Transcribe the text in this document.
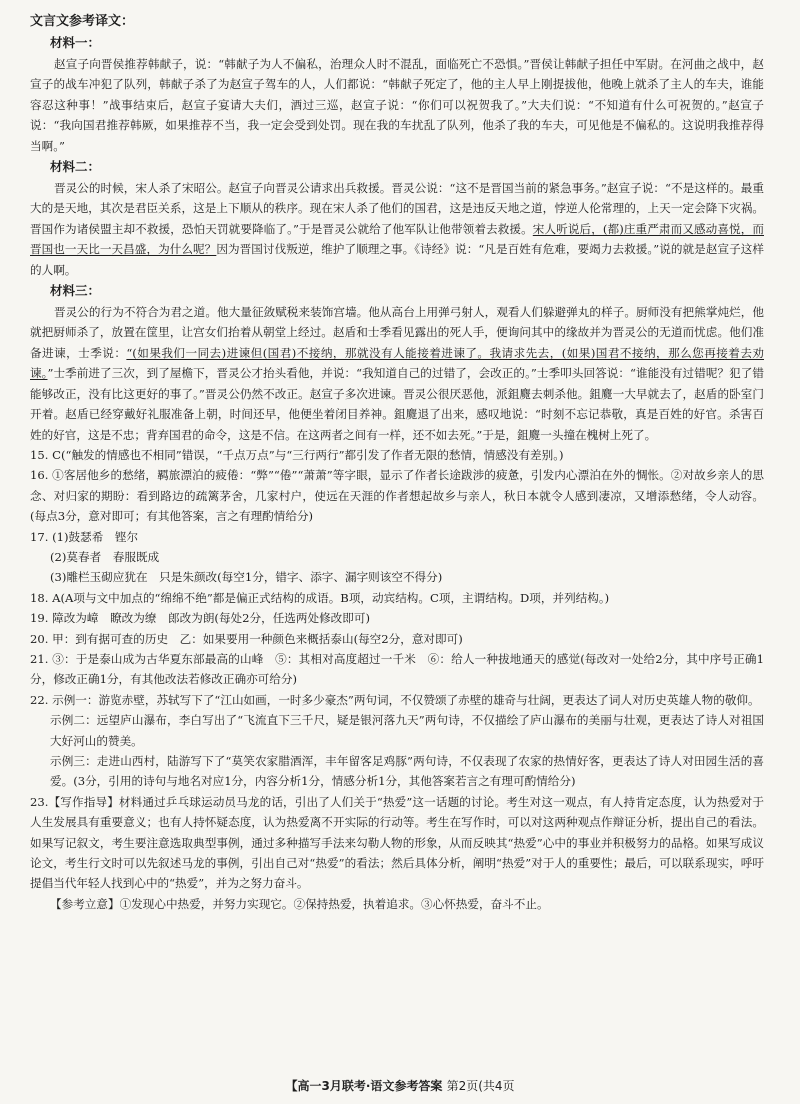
文言文参考译文：
材料一：

赵宣子向晋侯推荐韩献子，说：“韩献子为人不偏私，治理众人时不混乱，面临死亡不恐惧。”晋侯让韩献子担任中军尉。在河曲之战中，赵宣子的战车冲犯了队列，韩献子杀了为赵宣子驾车的人，人们都说：“韩献子死定了，他的主人早上刚提拔他，他晚上就杀了主人的车夫，谁能容忍这种事！”战事结束后，赵宣子宴请大夫们，酒过三巡，赵宣子说：“你们可以祝贺我了。”大夫们说：“不知道有什么可祝贺的。”赵宣子说：“我向国君推荐韩厥，如果推荐不当，我一定会受到处罚。现在我的车扰乱了队列，他杀了我的车夫，可见他是不偏私的。这说明我推荐得当啊。”

材料二：

晋灵公的时候，宋人杀了宋昭公。赵宣子向晋灵公请求出兵救援。晋灵公说：“这不是晋国当前的紧急事务。”赵宣子说：“不是这样的。最重大的是天地，其次是君臣关系，这是上下顺从的秩序。现在宋人杀了他们的国君，这是违反天地之道，悖逆人伦常理的，上天一定会降下灾祸。晋国作为诸侯盟主却不救援，恐怕天罚就要降临了。”于是晋灵公就给了他军队让他带领着去救援。宋人听说后，(都)庄重严肃而又感动喜悦，而晋国也一天比一天昌盛，为什么呢？因为晋国讨伐叛逆，维护了顺理之事。《诗经》说：“凡是百姓有危难，要竭力去救援。”说的就是赵宣子这样的人啊。

材料三：

晋灵公的行为不符合为君之道。他大量征敛赋税来装饰宫墙。他从高台上用弹弓射人，观看人们躲避弹丸的样子。厨师没有把熊掌炖烂，他就把厨师杀了，放置在筐里，让宫女们抬着从朝堂上经过。赵盾和士季看见露出的死人手，便询问其中的缘故并为晋灵公的无道而忧虑。他们准备进谏，士季说：“(如果我们一同去)进谏但(国君)不接纳，那就没有人能接着进谏了。我请求先去，(如果)国君不接纳，那么您再接着去劝谏。”士季前进了三次，到了屋檐下，晋灵公才抬头看他，并说：“我知道自己的过错了，会改正的。”士季叩头回答说：“谁能没有过错呢？犯了错能够改正，没有比这更好的事了。”晋灵公仍然不改正。赵宣子多次进谏。晋灵公很厌恶他，派鉏麑去刺杀他。鉏麑一大早就去了，赵盾的卧室门开着。赵盾已经穿戴好礼服准备上朝，时间还早，他便坐着闭目养神。鉏麑退了出来，感叹地说：“时刻不忘记恭敬，真是百姓的好官。杀害百姓的好官，这是不忠；背弃国君的命令，这是不信。在这两者之间有一样，还不如去死。”于是，鉏麑一头撞在槐树上死了。

15. C(“触发的情感也不相同”错误，“千点万点”与“三行两行”都引发了作者无限的愁情，情感没有差别。)

16. ①客居他乡的愁绪，羁旅漂泊的疲倦：“弊”“倦”“萧萧”等字眼，显示了作者长途跋涉的疲惫，引发内心漂泊在外的惆怅。②对故乡亲人的思念、对归家的期盼：看到路边的疏篱茅舍，几家村户，使远在天涯的作者想起故乡与亲人，秋日本就令人感到凄凉，又增添愁绪，令人动容。(每点3分，意对即可；有其他答案，言之有理酌情给分)

17. (1)鼓瑟希　铿尔

(2)莫春者　春服既成

(3)雕栏玉砌应犹在　只是朱颜改(每空1分，错字、添字、漏字则该空不得分)

18. A(A项与文中加点的“绵绵不绝”都是偏正式结构的成语。B项，动宾结构。C项，主谓结构。D项，并列结构。)

19. 障改为嶂　瞭改为缭　郎改为朗(每处2分，任选两处修改即可)

20. 甲：到有据可查的历史　乙：如果要用一种颜色来概括泰山(每空2分，意对即可)

21. ③：于是泰山成为古华夏东部最高的山峰　⑤：其相对高度超过一千米　⑥：给人一种拔地通天的感觉(每改对一处给2分，其中序号正确1分，修改正确1分，有其他改法若修改正确亦可给分)

22. 示例一：游览赤壁，苏轼写下了“江山如画，一时多少豪杰”两句词，不仅赞颂了赤壁的雄奇与壮阔，更表达了词人对历史英雄人物的敬仰。

示例二：远望庐山瀑布，李白写出了“飞流直下三千尺，疑是银河落九天”两句诗，不仅描绘了庐山瀑布的美丽与壮观，更表达了诗人对祖国大好河山的赞美。

示例三：走进山西村，陆游写下了“莫笑农家腊酒浑，丰年留客足鸡豚”两句诗，不仅表现了农家的热情好客，更表达了诗人对田园生活的喜爱。(3分，引用的诗句与地名对应1分，内容分析1分，情感分析1分，其他答案若言之有理可酌情给分)

23.【写作指导】材料通过乒乓球运动员马龙的话，引出了人们关于“热爱”这一话题的讨论。考生对这一观点，有人持肯定态度，认为热爱对于人生发展具有重要意义；也有人持怀疑态度，认为热爱离不开实际的行动等。考生在写作时，可以对这两种观点作辩证分析，提出自己的看法。如果写记叙文，考生要注意选取典型事例，通过多种描写手法来勾勒人物的形象，从而反映其“热爱”心中的事业并积极努力的品格。如果写成议论文，考生行文时可以先叙述马龙的事例，引出自己对“热爱”的看法；然后具体分析，阐明“热爱”对于人的重要性；最后，可以联系现实，呼吁提倡当代年轻人找到心中的“热爱”，并为之努力奋斗。

【参考立意】①发现心中热爱，并努力实现它。②保持热爱，执着追求。③心怀热爱，奋斗不止。

【高一3月联考·语文参考答案 第2页(共4页
